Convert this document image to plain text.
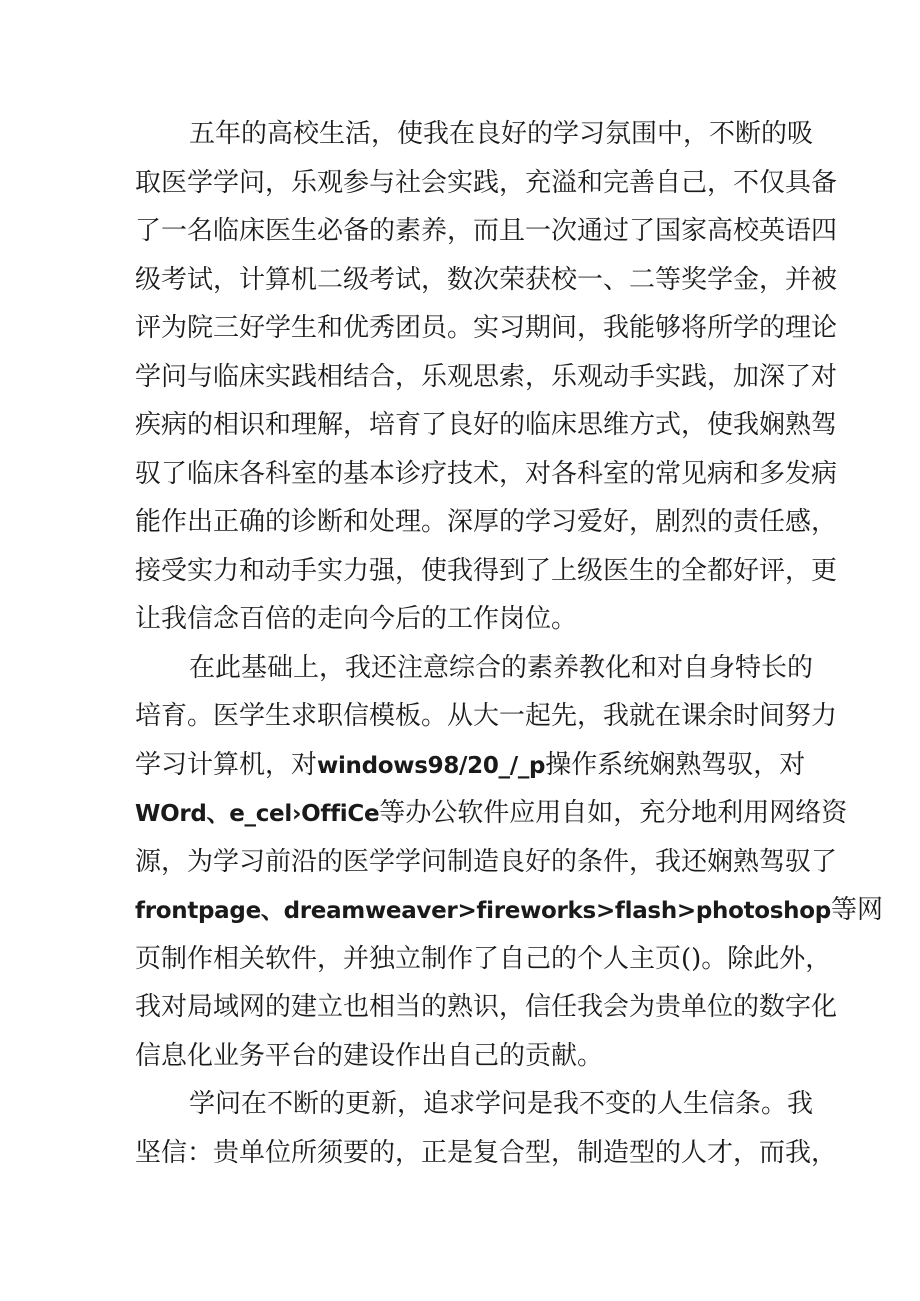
五年的高校生活，使我在良好的学习氛围中，不断的吸
取医学学问，乐观参与社会实践，充溢和完善自己，不仅具备
了一名临床医生必备的素养，而且一次通过了国家高校英语四
级考试，计算机二级考试，数次荣获校一、二等奖学金，并被
评为院三好学生和优秀团员。实习期间，我能够将所学的理论
学问与临床实践相结合，乐观思索，乐观动手实践，加深了对
疾病的相识和理解，培育了良好的临床思维方式，使我娴熟驾
驭了临床各科室的基本诊疗技术，对各科室的常见病和多发病
能作出正确的诊断和处理。深厚的学习爱好，剧烈的责任感，
接受实力和动手实力强，使我得到了上级医生的全都好评，更
让我信念百倍的走向今后的工作岗位。
在此基础上，我还注意综合的素养教化和对自身特长的
培育。医学生求职信模板。从大一起先，我就在课余时间努力
学习计算机，对windows98/20_/_p操作系统娴熟驾驭，对
WOrd、e_cel›OffiCe等办公软件应用自如，充分地利用网络资
源，为学习前沿的医学学问制造良好的条件，我还娴熟驾驭了
frontpage、dreamweaver>fireworks>flash>photoshop等网
页制作相关软件，并独立制作了自己的个人主页()。除此外，
我对局域网的建立也相当的熟识，信任我会为贵单位的数字化
信息化业务平台的建设作出自己的贡献。
学问在不断的更新，追求学问是我不变的人生信条。我
坚信：贵单位所须要的，正是复合型，制造型的人才，而我，
